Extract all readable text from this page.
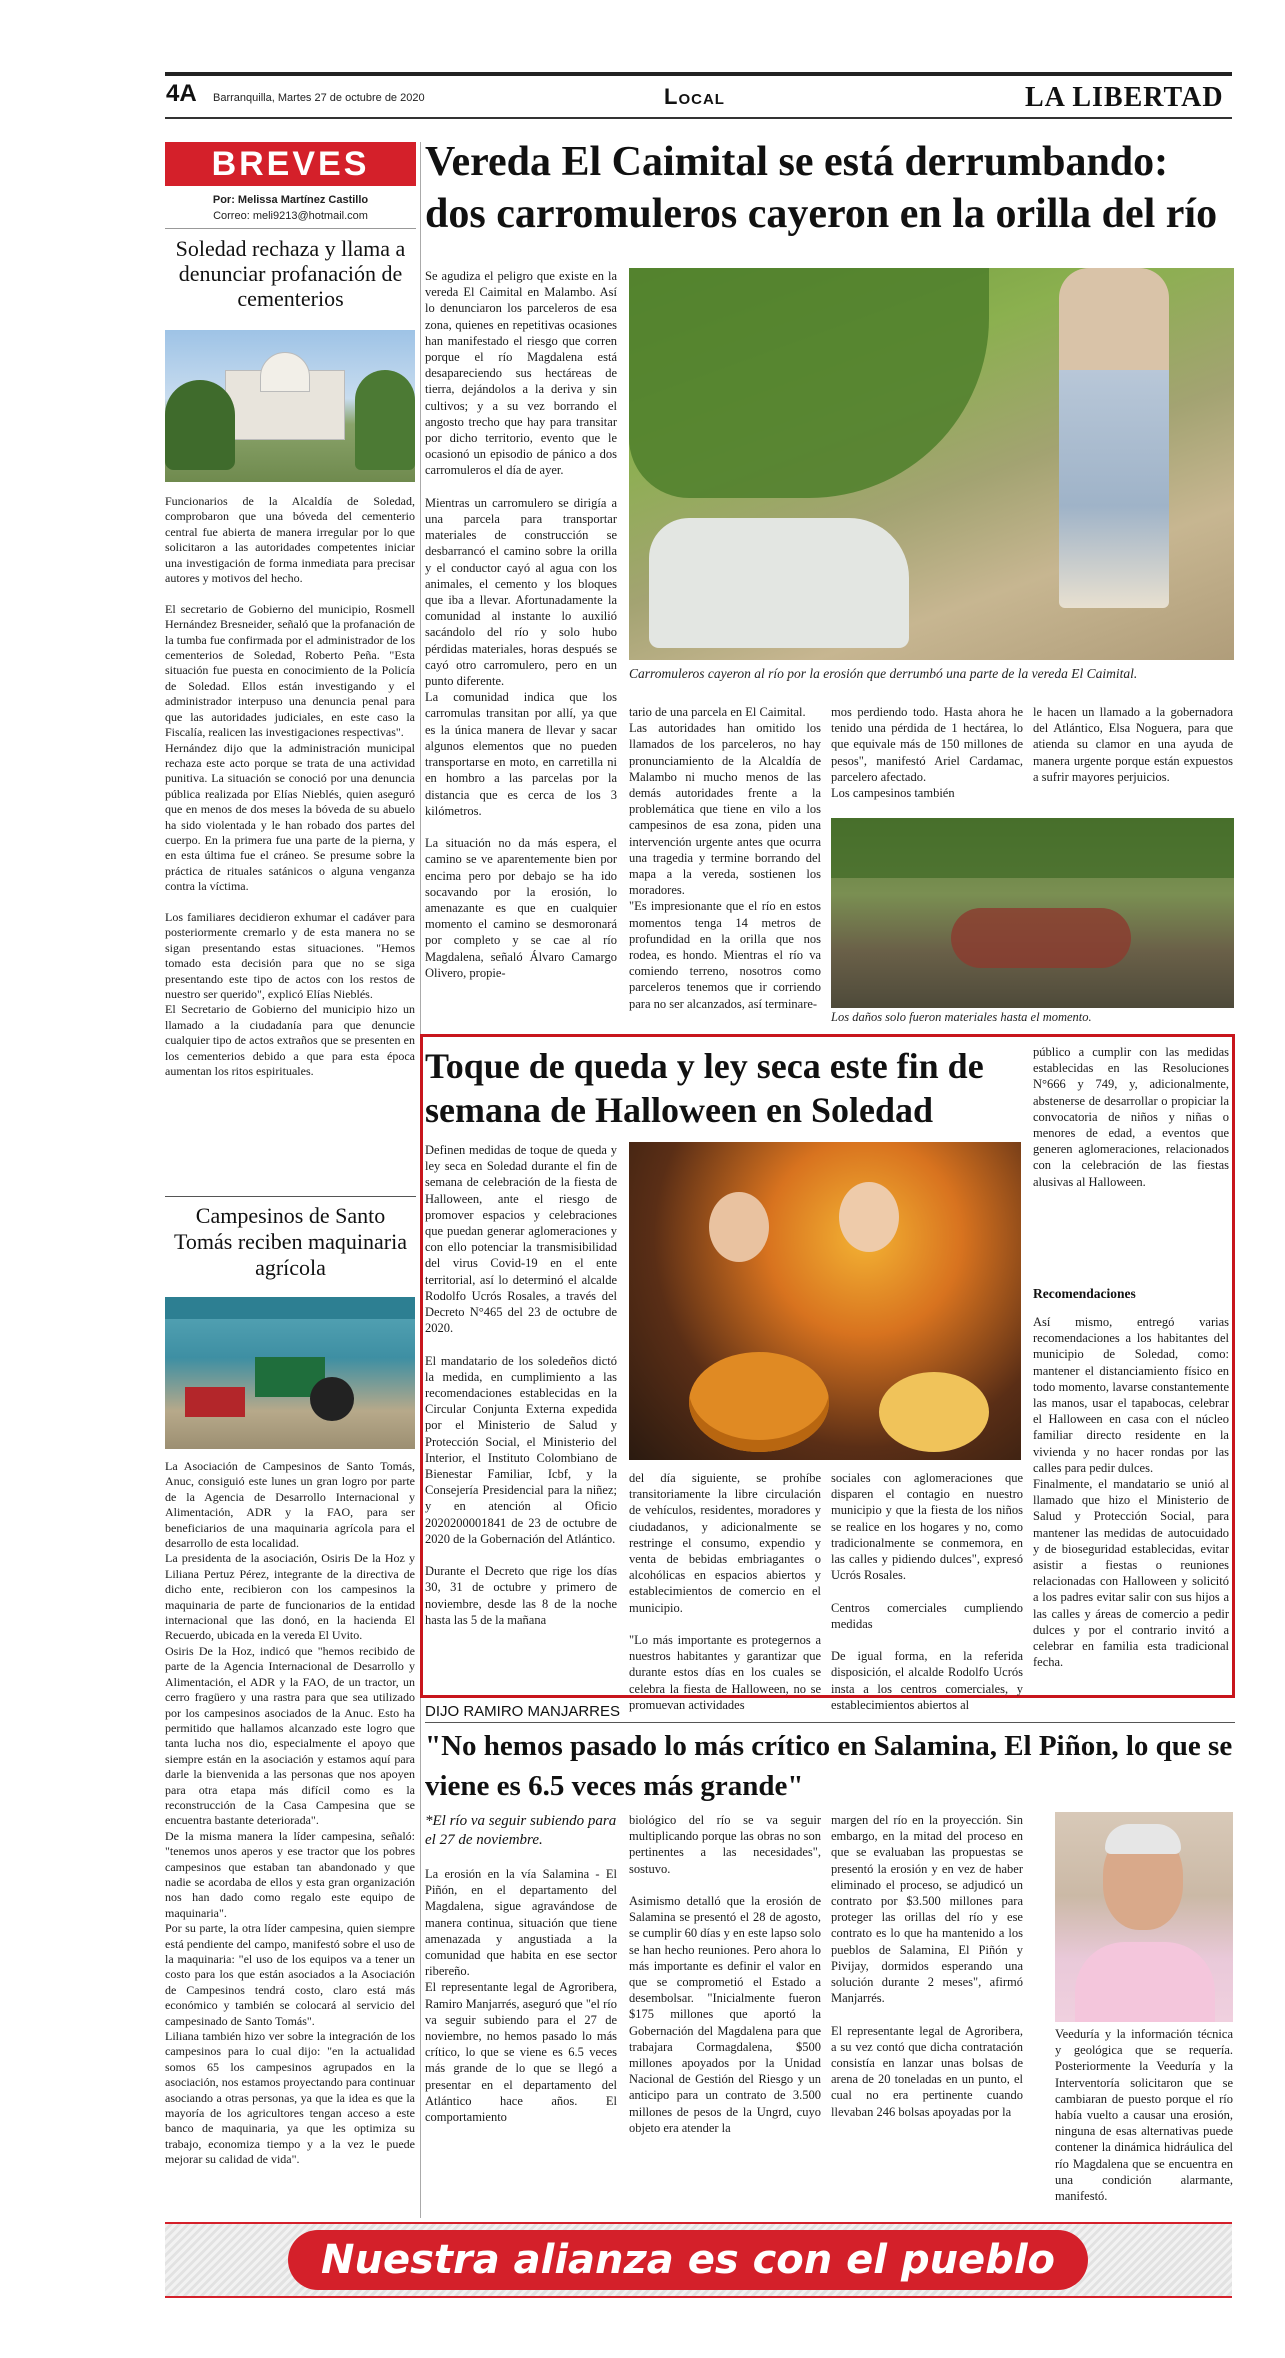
4A Barranquilla, Martes 27 de octubre de 2020	Local	LA LIBERTAD
BREVES
Por: Melissa Martínez Castillo
Correo: meli9213@hotmail.com
Soledad rechaza y llama a denunciar profanación de cementerios
Funcionarios de la Alcaldía de Soledad, comprobaron que una bóveda del cementerio central fue abierta de manera irregular por lo que solicitaron a las autoridades competentes iniciar una investigación de forma inmediata para precisar autores y motivos del hecho.

El secretario de Gobierno del municipio, Rosmell Hernández Bresneider, señaló que la profanación de la tumba fue confirmada por el administrador de los cementerios de Soledad, Roberto Peña. "Esta situación fue puesta en conocimiento de la Policía de Soledad. Ellos están investigando y el administrador interpuso una denuncia penal para que las autoridades judiciales, en este caso la Fiscalía, realicen las investigaciones respectivas".
Hernández dijo que la administración municipal rechaza este acto porque se trata de una actividad punitiva. La situación se conoció por una denuncia pública realizada por Elías Nieblés, quien aseguró que en menos de dos meses la bóveda de su abuelo ha sido violentada y le han robado dos partes del cuerpo. En la primera fue una parte de la pierna, y en esta última fue el cráneo. Se presume sobre la práctica de rituales satánicos o alguna venganza contra la víctima.

Los familiares decidieron exhumar el cadáver para posteriormente cremarlo y de esta manera no se sigan presentando estas situaciones. "Hemos tomado esta decisión para que no se siga presentando este tipo de actos con los restos de nuestro ser querido", explicó Elías Nieblés.
El Secretario de Gobierno del municipio hizo un llamado a la ciudadanía para que denuncie cualquier tipo de actos extraños que se presenten en los cementerios debido a que para esta época aumentan los ritos espirituales.
Campesinos de Santo Tomás reciben maquinaria agrícola
La Asociación de Campesinos de Santo Tomás, Anuc, consiguió este lunes un gran logro por parte de la Agencia de Desarrollo Internacional y Alimentación, ADR y la FAO, para ser beneficiarios de una maquinaria agrícola para el desarrollo de esta localidad.
La presidenta de la asociación, Osiris De la Hoz y Liliana Pertuz Pérez, integrante de la directiva de dicho ente, recibieron con los campesinos la maquinaria de parte de funcionarios de la entidad internacional que las donó, en la hacienda El Recuerdo, ubicada en la vereda El Uvito.
Osiris De la Hoz, indicó que "hemos recibido de parte de la Agencia Internacional de Desarrollo y Alimentación, el ADR y la FAO, de un tractor, un cerro fragüero y una rastra para que sea utilizado por los campesinos asociados de la Anuc. Esto ha permitido que hallamos alcanzado este logro que tanta lucha nos dio, especialmente el apoyo que siempre están en la asociación y estamos aquí para darle la bienvenida a las personas que nos apoyen para otra etapa más difícil como es la reconstrucción de la Casa Campesina que se encuentra bastante deteriorada".
De la misma manera la líder campesina, señaló: "tenemos unos aperos y ese tractor que los pobres campesinos que estaban tan abandonado y que nadie se acordaba de ellos y esta gran organización nos han dado como regalo este equipo de maquinaria".
Por su parte, la otra líder campesina, quien siempre está pendiente del campo, manifestó sobre el uso de la maquinaria: "el uso de los equipos va a tener un costo para los que están asociados a la Asociación de Campesinos tendrá costo, claro está más económico y también se colocará al servicio del campesinado de Santo Tomás".
Liliana también hizo ver sobre la integración de los campesinos para lo cual dijo: "en la actualidad somos 65 los campesinos agrupados en la asociación, nos estamos proyectando para continuar asociando a otras personas, ya que la idea es que la mayoría de los agricultores tengan acceso a este banco de maquinaria, ya que les optimiza su trabajo, economiza tiempo y a la vez le puede mejorar su calidad de vida".
Vereda El Caimital se está derrumbando: dos carromuleros cayeron en la orilla del río
Se agudiza el peligro que existe en la vereda El Caimital en Malambo. Así lo denunciaron los parceleros de esa zona, quienes en repetitivas ocasiones han manifestado el riesgo que corren porque el río Magdalena está desapareciendo sus hectáreas de tierra, dejándolos a la deriva y sin cultivos; y a su vez borrando el angosto trecho que hay para transitar por dicho territorio, evento que le ocasionó un episodio de pánico a dos carromuleros el día de ayer.

Mientras un carromulero se dirigía a una parcela para transportar materiales de construcción se desbarrancó el camino sobre la orilla y el conductor cayó al agua con los animales, el cemento y los bloques que iba a llevar. Afortunadamente la comunidad al instante lo auxilió sacándolo del río y solo hubo pérdidas materiales, horas después se cayó otro carromulero, pero en un punto diferente.
La comunidad indica que los carromulas transitan por allí, ya que es la única manera de llevar y sacar algunos elementos que no pueden transportarse en moto, en carretilla ni en hombro a las parcelas por la distancia que es cerca de los 3 kilómetros.

La situación no da más espera, el camino se ve aparentemente bien por encima pero por debajo se ha ido socavando por la erosión, lo amenazante es que en cualquier momento el camino se desmoronará por completo y se cae al río Magdalena, señaló Álvaro Camargo Olivero, propie-
Carromuleros cayeron al río por la erosión que derrumbó una parte de la vereda El Caimital.
tario de una parcela en El Caimital.
Las autoridades han omitido los llamados de los parceleros, no hay pronunciamiento de la Alcaldía de Malambo ni mucho menos de las demás autoridades frente a la problemática que tiene en vilo a los campesinos de esa zona, piden una intervención urgente antes que ocurra una tragedia y termine borrando del mapa a la vereda, sostienen los moradores.
"Es impresionante que el río en estos momentos tenga 14 metros de profundidad en la orilla que nos rodea, es hondo. Mientras el río va comiendo terreno, nosotros como parceleros tenemos que ir corriendo para no ser alcanzados, así terminare-
mos perdiendo todo. Hasta ahora he tenido una pérdida de 1 hectárea, lo que equivale más de 150 millones de pesos", manifestó Ariel Cardamac, parcelero afectado.
Los campesinos también
le hacen un llamado a la gobernadora del Atlántico, Elsa Noguera, para que atienda su clamor en una ayuda de manera urgente porque están expuestos a sufrir mayores perjuicios.
Los daños solo fueron materiales hasta el momento.
Toque de queda y ley seca este fin de semana de Halloween en Soledad
Definen medidas de toque de queda y ley seca en Soledad durante el fin de semana de celebración de la fiesta de Halloween, ante el riesgo de promover espacios y celebraciones que puedan generar aglomeraciones y con ello potenciar la transmisibilidad del virus Covid-19 en el ente territorial, así lo determinó el alcalde Rodolfo Ucrós Rosales, a través del Decreto N°465 del 23 de octubre de 2020.

El mandatario de los soledeños dictó la medida, en cumplimiento a las recomendaciones establecidas en la Circular Conjunta Externa expedida por el Ministerio de Salud y Protección Social, el Ministerio del Interior, el Instituto Colombiano de Bienestar Familiar, Icbf, y la Consejería Presidencial para la niñez; y en atención al Oficio 2020200001841 de 23 de octubre de 2020 de la Gobernación del Atlántico.

Durante el Decreto que rige los días 30, 31 de octubre y primero de noviembre, desde las 8 de la noche hasta las 5 de la mañana
del día siguiente, se prohíbe transitoriamente la libre circulación de vehículos, residentes, moradores y ciudadanos, y adicionalmente se restringe el consumo, expendio y venta de bebidas embriagantes o alcohólicas en espacios abiertos y establecimientos de comercio en el municipio.

"Lo más importante es protegernos a nuestros habitantes y garantizar que durante estos días en los cuales se celebra la fiesta de Halloween, no se promuevan actividades
sociales con aglomeraciones que disparen el contagio en nuestro municipio y que la fiesta de los niños se realice en los hogares y no, como tradicionalmente se conmemora, en las calles y pidiendo dulces", expresó Ucrós Rosales.

Centros comerciales cumpliendo medidas

De igual forma, en la referida disposición, el alcalde Rodolfo Ucrós insta a los centros comerciales, y establecimientos abiertos al
público a cumplir con las medidas establecidas en las Resoluciones N°666 y 749, y, adicionalmente, abstenerse de desarrollar o propiciar la convocatoria de niños y niñas o menores de edad, a eventos que generen aglomeraciones, relacionados con la celebración de las fiestas alusivas al Halloween.
Recomendaciones
Así mismo, entregó varias recomendaciones a los habitantes del municipio de Soledad, como: mantener el distanciamiento físico en todo momento, lavarse constantemente las manos, usar el tapabocas, celebrar el Halloween en casa con el núcleo familiar directo residente en la vivienda y no hacer rondas por las calles para pedir dulces.
Finalmente, el mandatario se unió al llamado que hizo el Ministerio de Salud y Protección Social, para mantener las medidas de autocuidado y de bioseguridad establecidas, evitar asistir a fiestas o reuniones relacionadas con Halloween y solicitó a los padres evitar salir con sus hijos a las calles y áreas de comercio a pedir dulces y por el contrario invitó a celebrar en familia esta tradicional fecha.
DIJO RAMIRO MANJARRES
"No hemos pasado lo más crítico en Salamina, El Piñon, lo que se viene es 6.5 veces más grande"
*El río va seguir subiendo para el 27 de noviembre.
La erosión en la vía Salamina - El Piñón, en el departamento del Magdalena, sigue agravándose de manera continua, situación que tiene amenazada y angustiada a la comunidad que habita en ese sector ribereño.
El representante legal de Agroribera, Ramiro Manjarrés, aseguró que "el río va seguir subiendo para el 27 de noviembre, no hemos pasado lo más crítico, lo que se viene es 6.5 veces más grande de lo que se llegó a presentar en el departamento del Atlántico hace años. El comportamiento
biológico del río se va seguir multiplicando porque las obras no son pertinentes a las necesidades", sostuvo.

Asimismo detalló que la erosión de Salamina se presentó el 28 de agosto, se cumplir 60 días y en este lapso solo se han hecho reuniones. Pero ahora lo más importante es definir el valor en que se comprometió el Estado a desembolsar. "Inicialmente fueron $175 millones que aportó la Gobernación del Magdalena para que trabajara Cormagdalena, $500 millones apoyados por la Unidad Nacional de Gestión del Riesgo y un anticipo para un contrato de 3.500 millones de pesos de la Ungrd, cuyo objeto era atender la
margen del río en la proyección. Sin embargo, en la mitad del proceso en que se evaluaban las propuestas se presentó la erosión y en vez de haber eliminado el proceso, se adjudicó un contrato por $3.500 millones para proteger las orillas del río y ese contrato es lo que ha mantenido a los pueblos de Salamina, El Piñón y Pivijay, dormidos esperando una solución durante 2 meses", afirmó Manjarrés.

El representante legal de Agroribera, a su vez contó que dicha contratación consistía en lanzar unas bolsas de arena de 20 toneladas en un punto, el cual no era pertinente cuando llevaban 246 bolsas apoyadas por la
Veeduría y la información técnica y geológica que se requería. Posteriormente la Veeduría y la Interventoría solicitaron que se cambiaran de puesto porque el río había vuelto a causar una erosión, ninguna de esas alternativas puede contener la dinámica hidráulica del río Magdalena que se encuentra en una condición alarmante, manifestó.
Nuestra alianza es con el pueblo
